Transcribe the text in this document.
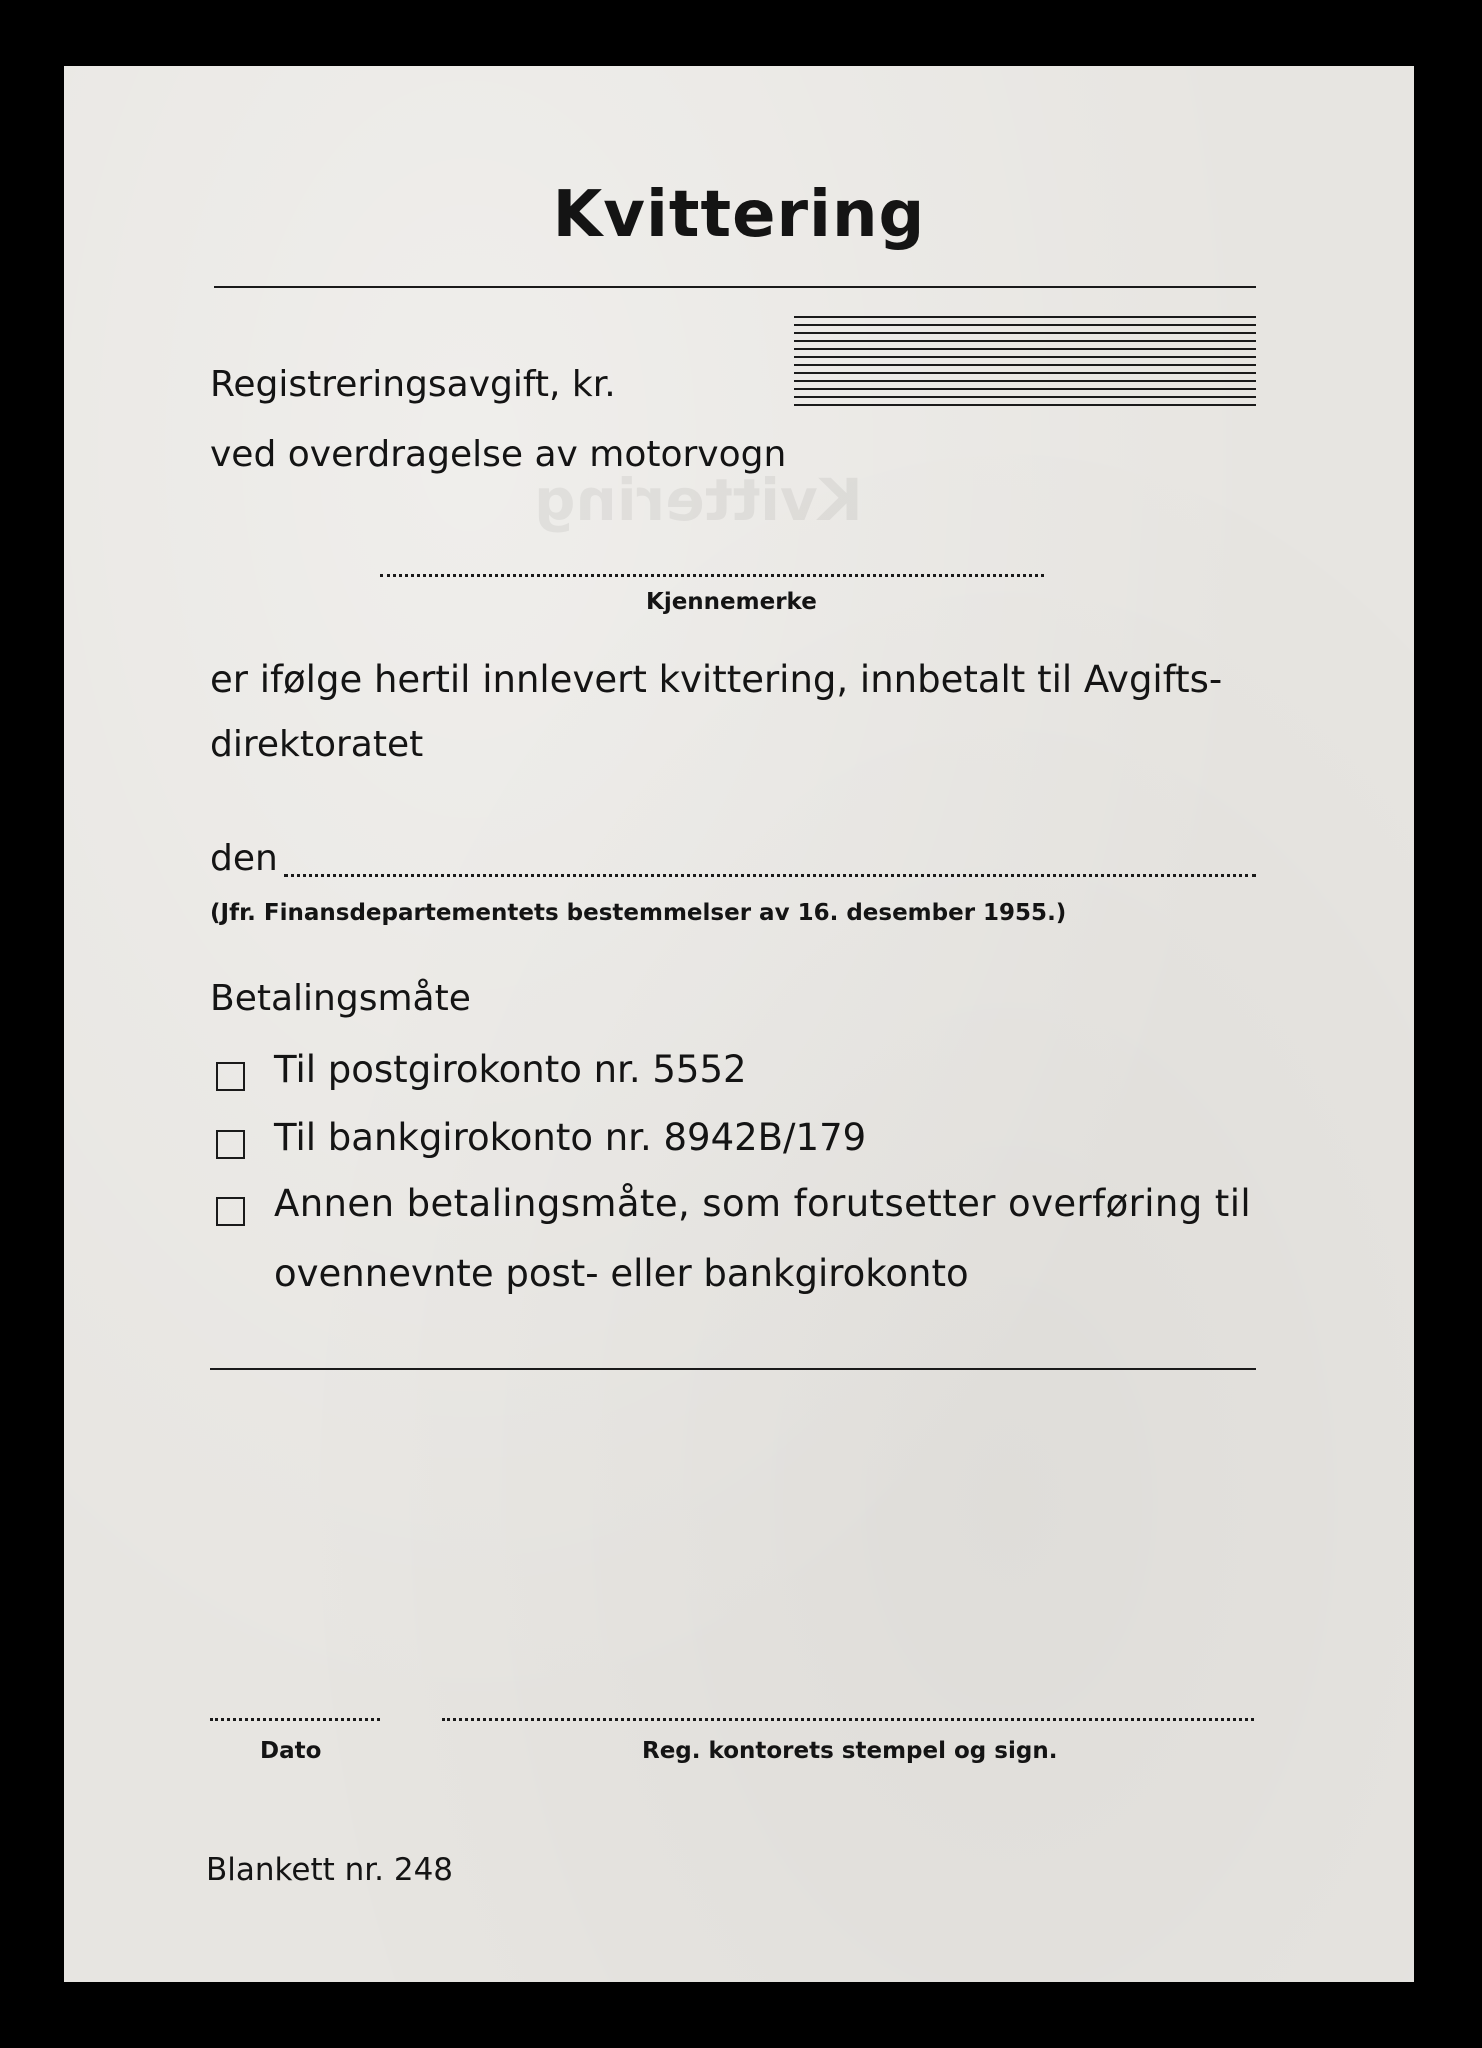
Kvittering
Kvittering
Registreringsavgift, kr.
ved overdragelse av motorvogn
Kjennemerke
er ifølge hertil innlevert kvittering, innbetalt til Avgifts-
direktoratet
den
(Jfr. Finansdepartementets bestemmelser av 16. desember 1955.)
Betalingsmåte
Til postgirokonto nr. 5552
Til bankgirokonto nr. 8942B/179
Annen betalingsmåte, som forutsetter overføring til
ovennevnte post- eller bankgirokonto
Dato	Reg. kontorets stempel og sign.
Blankett nr. 248
